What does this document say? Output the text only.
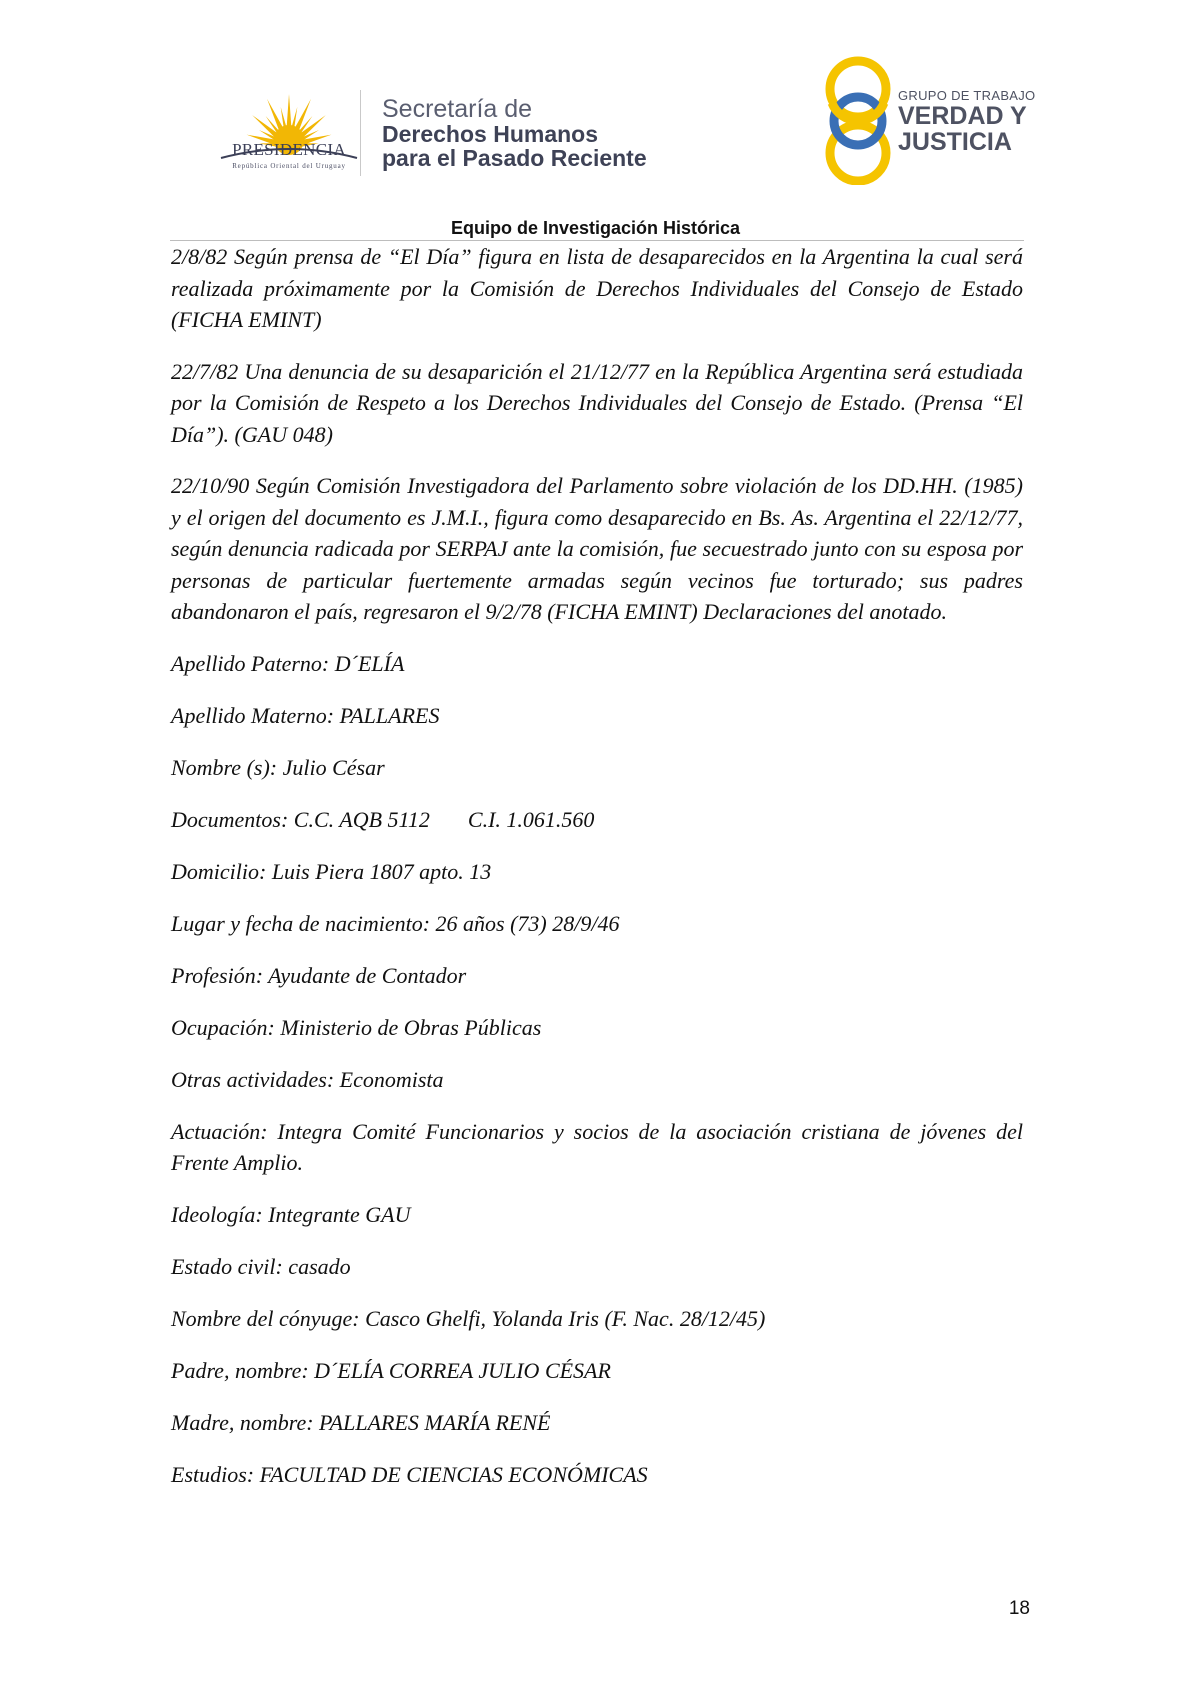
PRESIDENCIA
República Oriental del Uruguay
Secretaría de
Derechos Humanos
para el Pasado Reciente
GRUPO DE TRABAJO
VERDAD Y
JUSTICIA
Equipo de Investigación Histórica

2/8/82 Según prensa de “El Día” figura en lista de desaparecidos en la Argentina la cual será realizada próximamente por la Comisión de Derechos Individuales del Consejo de Estado (FICHA EMINT)

22/7/82 Una denuncia de su desaparición el 21/12/77 en la República Argentina será estudiada por la Comisión de Respeto a los Derechos Individuales del Consejo de Estado. (Prensa “El Día”). (GAU 048)

22/10/90 Según Comisión Investigadora del Parlamento sobre violación de los DD.HH. (1985) y el origen del documento es J.M.I., figura como desaparecido en Bs. As. Argentina el 22/12/77, según denuncia radicada por SERPAJ ante la comisión, fue secuestrado junto con su esposa por personas de particular fuertemente armadas según vecinos fue torturado; sus padres abandonaron el país, regresaron el 9/2/78 (FICHA EMINT) Declaraciones del anotado.

Apellido Paterno: D´ELÍA

Apellido Materno: PALLARES

Nombre (s): Julio César

Documentos: C.C. AQB 5112 C.I. 1.061.560

Domicilio: Luis Piera 1807 apto. 13

Lugar y fecha de nacimiento: 26 años (73) 28/9/46

Profesión: Ayudante de Contador

Ocupación: Ministerio de Obras Públicas

Otras actividades: Economista

Actuación: Integra Comité Funcionarios y socios de la asociación cristiana de jóvenes del Frente Amplio.

Ideología: Integrante GAU

Estado civil: casado

Nombre del cónyuge: Casco Ghelfi, Yolanda Iris (F. Nac. 28/12/45)

Padre, nombre: D´ELÍA CORREA JULIO CÉSAR

Madre, nombre: PALLARES MARÍA RENÉ

Estudios: FACULTAD DE CIENCIAS ECONÓMICAS

18
